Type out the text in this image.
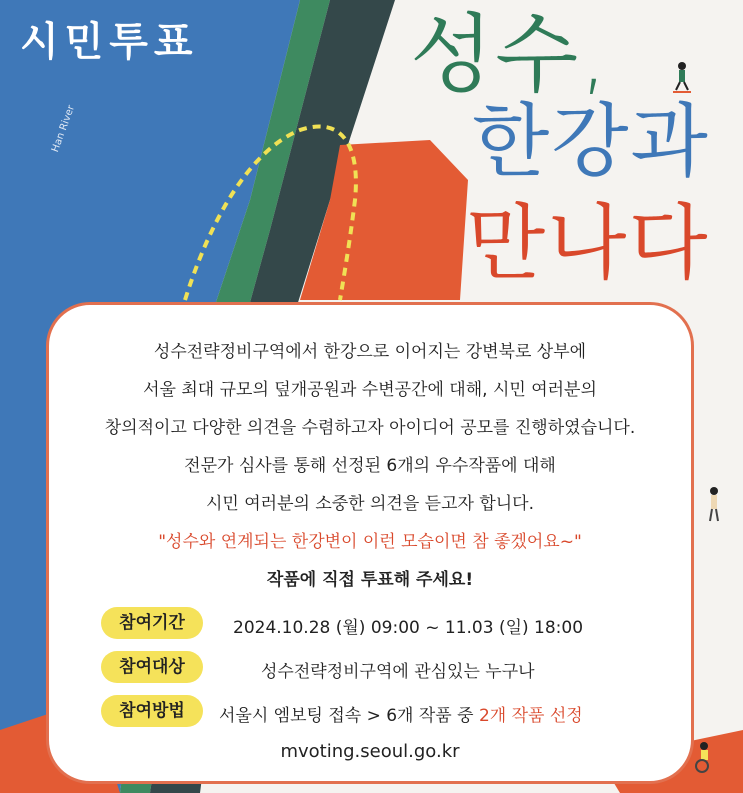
시민투표
Han River
성수,
한강과
만나다
성수전략정비구역에서 한강으로 이어지는 강변북로 상부에
서울 최대 규모의 덮개공원과 수변공간에 대해, 시민 여러분의
창의적이고 다양한 의견을 수렴하고자 아이디어 공모를 진행하였습니다.
전문가 심사를 통해 선정된 6개의 우수작품에 대해
시민 여러분의 소중한 의견을 듣고자 합니다.
"성수와 연계되는 한강변이 이런 모습이면 참 좋겠어요~"
작품에 직접 투표해 주세요!
참여기간	2024.10.28 (월) 09:00 ~ 11.03 (일) 18:00
참여대상	성수전략정비구역에 관심있는 누구나
참여방법	서울시 엠보팅 접속 > 6개 작품 중 2개 작품 선정
mvoting.seoul.go.kr
